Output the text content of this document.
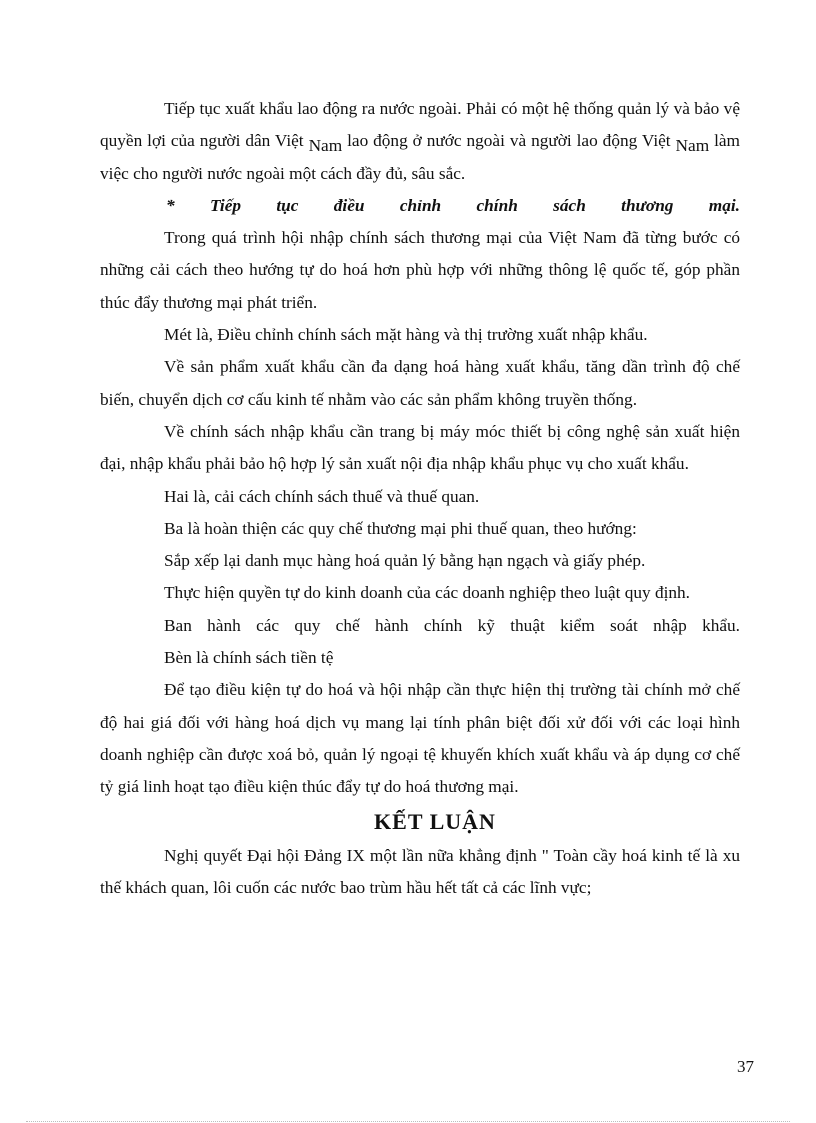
Tiếp tục xuất khẩu lao động ra nước ngoài. Phải có một hệ thống quản lý và bảo vệ quyền lợi của người dân Việt Nam lao động ở nước ngoài và người lao động Việt Nam làm việc cho người nước ngoài một cách đầy đủ, sâu sắc.

* Tiếp tục điều chỉnh chính sách thương mại.

Trong quá trình hội nhập chính sách thương mại của Việt Nam đã từng bước có những cải cách theo hướng tự do hoá hơn phù hợp với những thông lệ quốc tế, góp phần thúc đẩy thương mại phát triển.

Mét là, Điều chỉnh chính sách mặt hàng và thị trường xuất nhập khẩu.

Về sản phẩm xuất khẩu cần đa dạng hoá hàng xuất khẩu, tăng dần trình độ chế biến, chuyển dịch cơ cấu kinh tế nhằm vào các sản phẩm không truyền thống.

Về chính sách nhập khẩu cần trang bị máy móc thiết bị công nghệ sản xuất hiện đại, nhập khẩu phải bảo hộ hợp lý sản xuất nội địa nhập khẩu phục vụ cho xuất khẩu.

Hai là, cải cách chính sách thuế và thuế quan.

Ba là hoàn thiện các quy chế thương mại phi thuế quan, theo hướng:

Sắp xếp lại danh mục hàng hoá quản lý bằng hạn ngạch và giấy phép.

Thực hiện quyền tự do kinh doanh của các doanh nghiệp theo luật quy định.

Ban hành các quy chế hành chính kỹ thuật kiểm soát nhập khẩu.

Bèn là chính sách tiền tệ

Để tạo điều kiện tự do hoá và hội nhập cần thực hiện thị trường tài chính mở chế độ hai giá đối với hàng hoá dịch vụ mang lại tính phân biệt đối xử đối với các loại hình doanh nghiệp cần được xoá bỏ, quản lý ngoại tệ khuyến khích xuất khẩu và áp dụng cơ chế tỷ giá linh hoạt tạo điều kiện thúc đẩy tự do hoá thương mại.

KẾT LUẬN

Nghị quyết Đại hội Đảng IX một lần nữa khẳng định " Toàn cầy hoá kinh tế là xu thế khách quan, lôi cuốn các nước bao trùm hầu hết tất cả các lĩnh vực;

37
